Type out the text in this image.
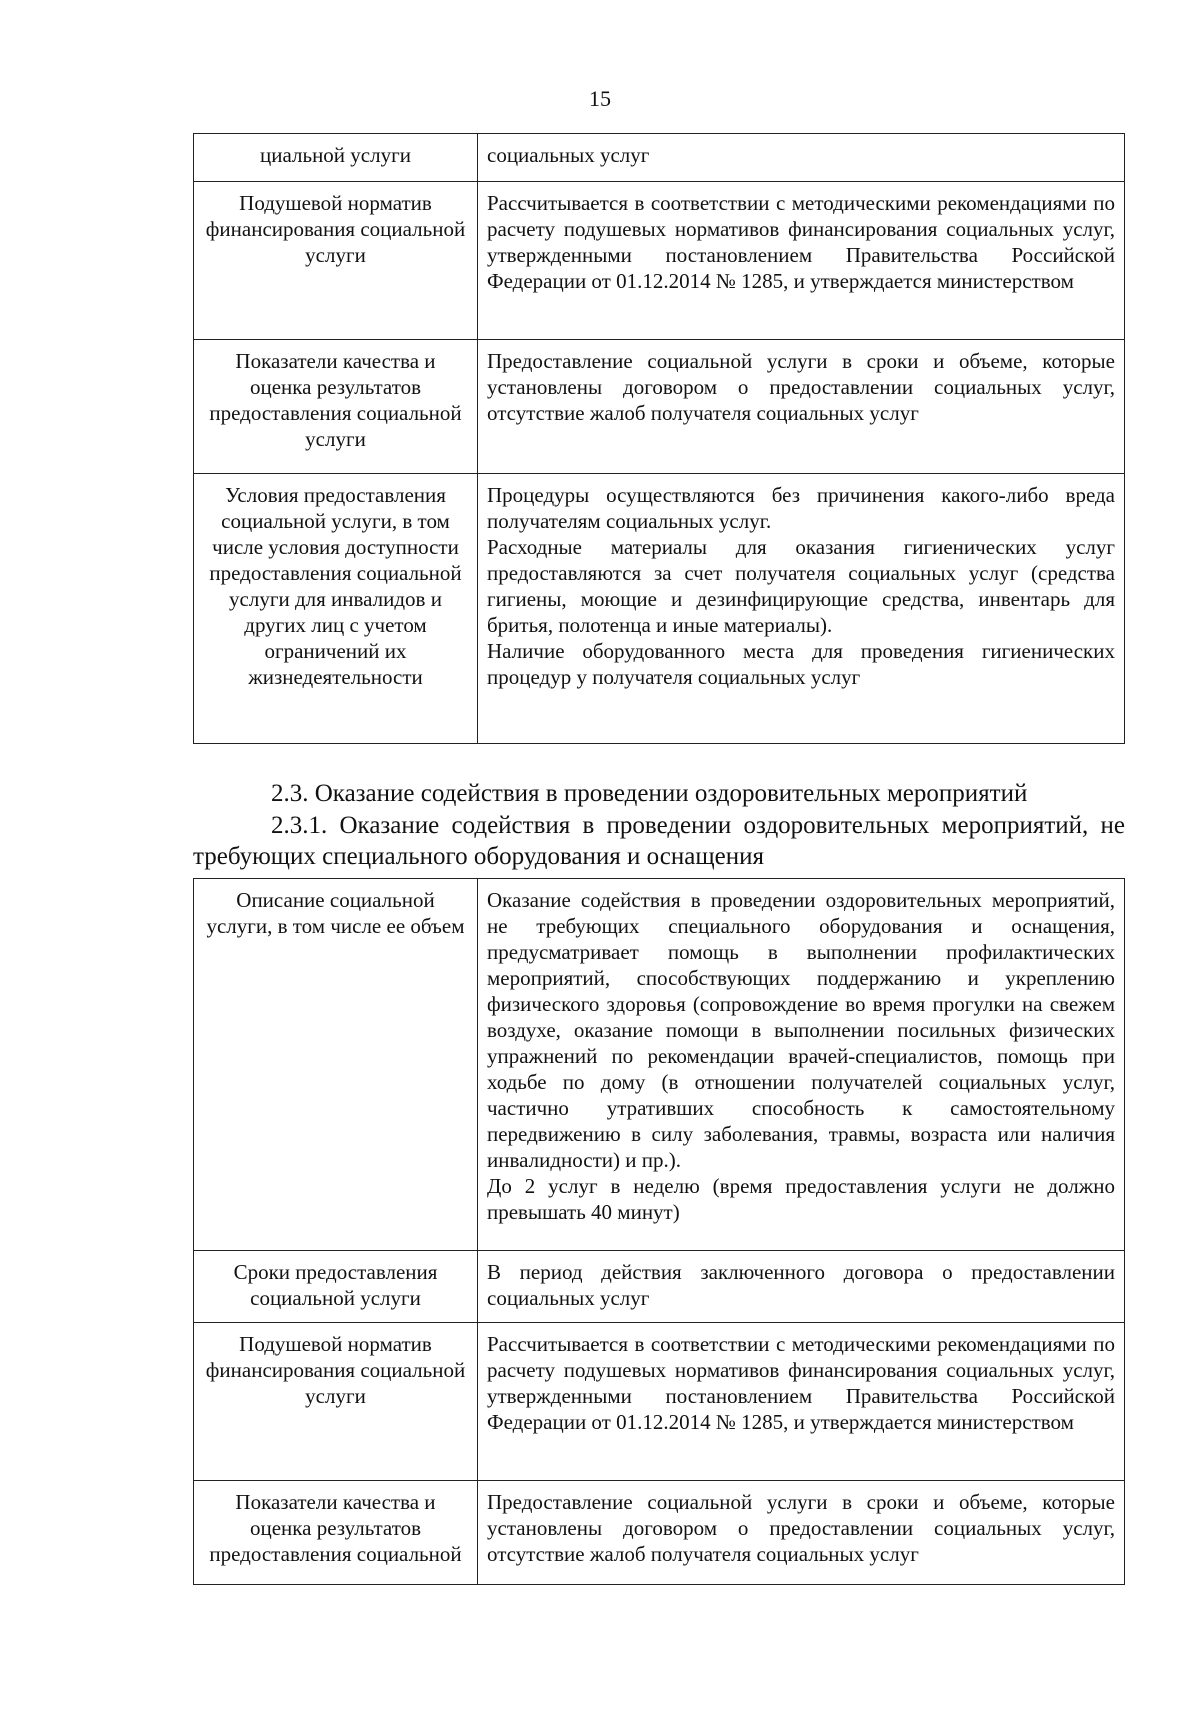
15
циальной услуги	социальных услуг
Подушевой норматив финансирования социальной услуги	Рассчитывается в соответствии с методическими рекомендациями по расчету подушевых нормативов финансирования социальных услуг, утвержденными постановлением Правительства Российской Федерации от 01.12.2014 № 1285, и утверждается министерством
Показатели качества и оценка результатов предоставления социальной услуги	Предоставление социальной услуги в сроки и объеме, которые установлены договором о предоставлении социальных услуг, отсутствие жалоб получателя социальных услуг
Условия предоставления социальной услуги, в том числе условия доступности предоставления социальной услуги для инвалидов и других лиц с учетом ограничений их жизнедеятельности	Процедуры осуществляются без причинения какого-либо вреда получателям социальных услуг.
Расходные материалы для оказания гигиенических услуг предоставляются за счет получателя социальных услуг (средства гигиены, моющие и дезинфицирующие средства, инвентарь для бритья, полотенца и иные материалы).
Наличие оборудованного места для проведения гигиенических процедур у получателя социальных услуг
2.3. Оказание содействия в проведении оздоровительных мероприятий
2.3.1. Оказание содействия в проведении оздоровительных мероприятий, не требующих специального оборудования и оснащения
Описание социальной услуги, в том числе ее объем	Оказание содействия в проведении оздоровительных мероприятий, не требующих специального оборудования и оснащения, предусматривает помощь в выполнении профилактических мероприятий, способствующих поддержанию и укреплению физического здоровья (сопровождение во время прогулки на свежем воздухе, оказание помощи в выполнении посильных физических упражнений по рекомендации врачей-специалистов, помощь при ходьбе по дому (в отношении получателей социальных услуг, частично утративших способность к самостоятельному передвижению в силу заболевания, травмы, возраста или наличия инвалидности) и пр.).
До 2 услуг в неделю (время предоставления услуги не должно превышать 40 минут)

Сроки предоставления социальной услуги	В период действия заключенного договора о предоставлении социальных услуг
Подушевой норматив финансирования социальной услуги	Рассчитывается в соответствии с методическими рекомендациями по расчету подушевых нормативов финансирования социальных услуг, утвержденными постановлением Правительства Российской Федерации от 01.12.2014 № 1285, и утверждается министерством
Показатели качества и оценка результатов предоставления социальной	Предоставление социальной услуги в сроки и объеме, которые установлены договором о предоставлении социальных услуг, отсутствие жалоб получателя социальных услуг
